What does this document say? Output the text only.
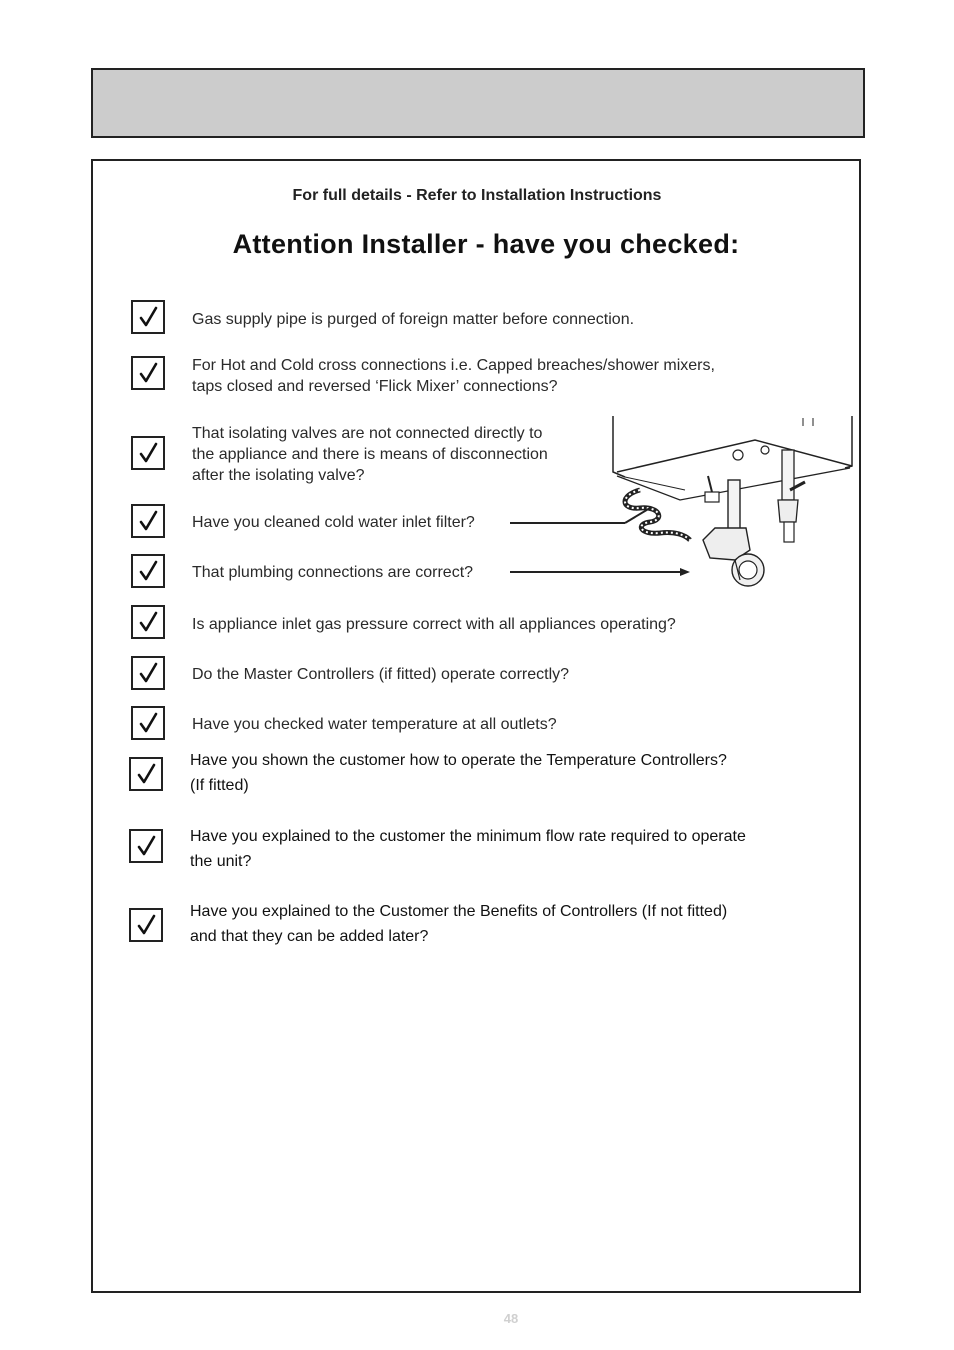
For full details - Refer to Installation Instructions
Attention Installer - have you checked:
Gas supply pipe is purged of foreign matter before connection.
For Hot and Cold cross connections i.e. Capped breaches/shower mixers,
taps closed and reversed ‘Flick Mixer’ connections?
That isolating valves are not connected directly to
the appliance and there is means of disconnection
after the isolating valve?
Have you cleaned cold water inlet filter?
That plumbing connections are correct?
Is appliance inlet gas pressure correct with all appliances operating?
Do the Master Controllers (if fitted) operate correctly?
Have you checked water temperature at all outlets?
Have you shown the customer how to operate the Temperature Controllers?
(If fitted)
Have you explained to the customer the minimum flow rate required to operate
the unit?
Have you explained to the Customer the Benefits of Controllers (If not fitted)
and that they can be added later?
48
